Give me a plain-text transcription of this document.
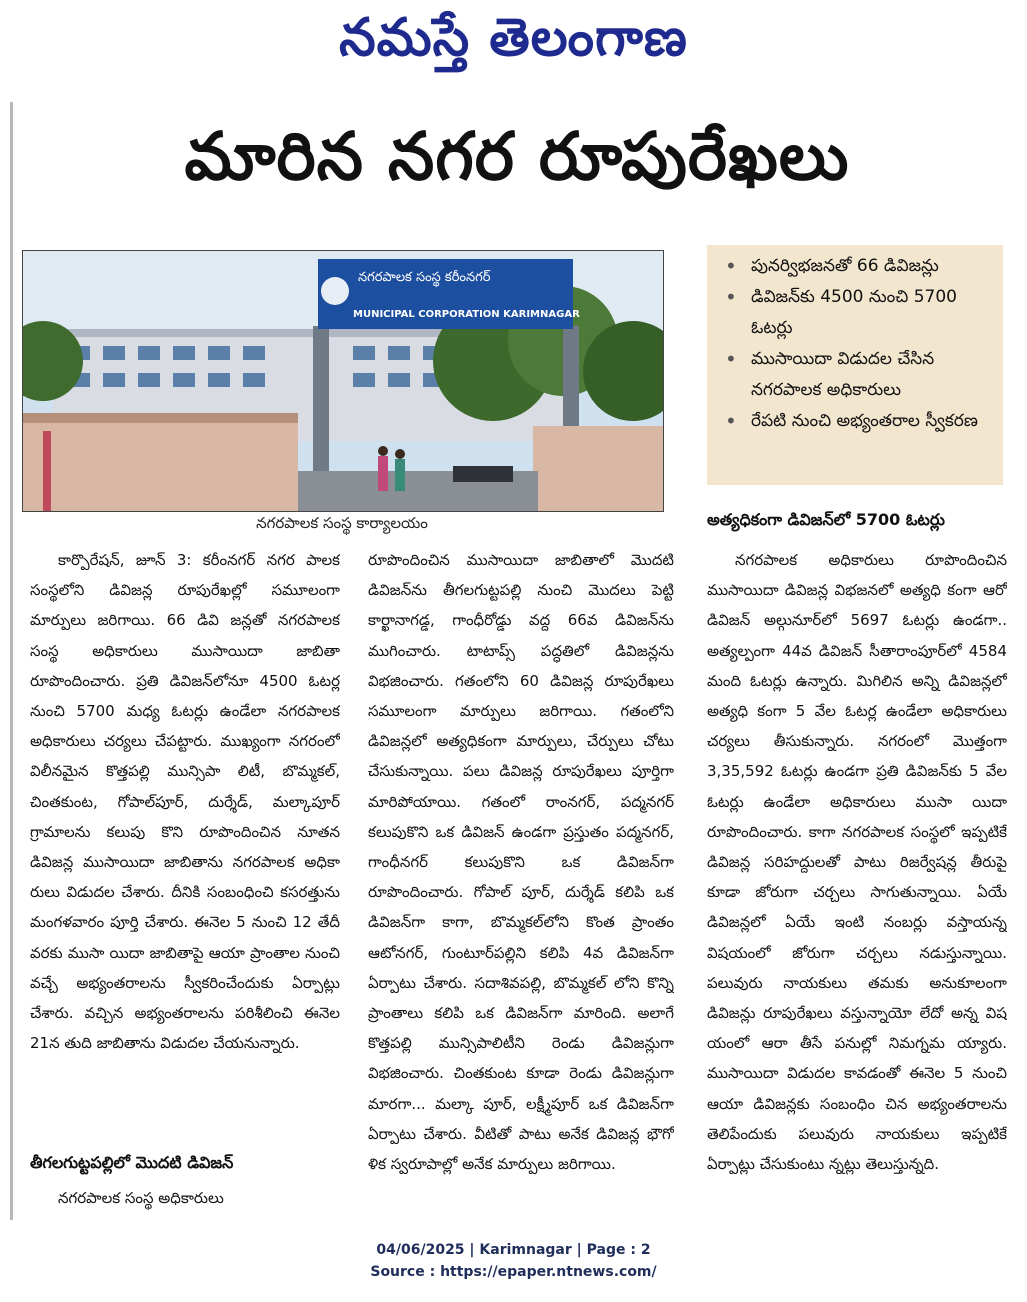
నమస్తే తెలంగాణ
మారిన నగర రూపురేఖలు
నగరపాలక సంస్థ కరీంనగర్
MUNICIPAL CORPORATION KARIMNAGAR
నగరపాలక సంస్థ కార్యాలయం
• పునర్విభజనతో 66 డివిజన్లు
• డివిజన్‌కు 4500 నుంచి 5700 ఓటర్లు
• ముసాయిదా విడుదల చేసిన నగరపాలక అధికారులు
• రేపటి నుంచి అభ్యంతరాల స్వీకరణ
అత్యధికంగా డివిజన్‌లో 5700 ఓటర్లు

కార్పొరేషన్, జూన్ 3: కరీంనగర్ నగర పాలక సంస్థలోని డివిజన్ల రూపురేఖల్లో సమూలంగా మార్పులు జరిగాయి. 66 డివి జన్లతో నగరపాలక సంస్థ అధికారులు ముసాయిదా జాబితా రూపొందించారు. ప్రతి డివిజన్‌లోనూ 4500 ఓటర్ల నుంచి 5700 మధ్య ఓటర్లు ఉండేలా నగరపాలక అధికారులు చర్యలు చేపట్టారు. ముఖ్యంగా నగరంలో విలీనమైన కొత్తపల్లి మున్సిపా లిటీ, బొమ్మకల్, చింతకుంట, గోపాల్‌పూర్, దుర్శేడ్, మల్కాపూర్ గ్రామాలను కలుపు కొని రూపొందించిన నూతన డివిజన్ల ముసాయిదా జాబితాను నగరపాలక అధికా రులు విడుదల చేశారు. దీనికి సంబంధించి కసరత్తును మంగళవారం పూర్తి చేశారు. ఈనెల 5 నుంచి 12 తేదీ వరకు ముసా యిదా జాబితాపై ఆయా ప్రాంతాల నుంచి వచ్చే అభ్యంతరాలను స్వీకరించేందుకు ఏర్పాట్లు చేశారు. వచ్చిన అభ్యంతరాలను పరిశీలించి ఈనెల 21న తుది జాబితాను విడుదల చేయనున్నారు.

తీగలగుట్టపల్లిలో మొదటి డివిజన్

నగరపాలక సంస్థ అధికారులు

రూపొందించిన ముసాయిదా జాబితాలో మొదటి డివిజన్‌ను తీగలగుట్టపల్లి నుంచి మొదలు పెట్టి కార్ఖానాగడ్డ, గాంధీరోడ్డు వద్ద 66వ డివిజన్‌ను ముగించారు. టాటాప్స్ పద్ధతిలో డివిజన్లను విభజించారు. గతంలోని 60 డివిజన్ల రూపురేఖలు సమూలంగా మార్పులు జరిగాయి. గతంలోని డివిజన్లలో అత్యధికంగా మార్పులు, చేర్పులు చోటు చేసుకున్నాయి. పలు డివిజన్ల రూపురేఖలు పూర్తిగా మారిపోయాయి. గతంలో రాంనగర్, పద్మనగర్ కలుపుకొని ఒక డివిజన్ ఉండగా ప్రస్తుతం పద్మనగర్, గాంధీనగర్ కలుపుకొని ఒక డివిజన్‌గా రూపొందించారు. గోపాల్ పూర్, దుర్శేడ్ కలిపి ఒక డివిజన్‌గా కాగా, బొమ్మకల్‌లోని కొంత ప్రాంతం ఆటోనగర్, గుంటూర్‌పల్లిని కలిపి 4వ డివిజన్‌గా ఏర్పాటు చేశారు. సదాశివపల్లి, బొమ్మకల్ లోని కొన్ని ప్రాంతాలు కలిపి ఒక డివిజన్‌గా మారింది. అలాగే కొత్తపల్లి మున్సిపాలిటీని రెండు డివిజన్లుగా విభజించారు. చింతకుంట కూడా రెండు డివిజన్లుగా మారగా... మల్కా పూర్, లక్ష్మీపూర్ ఒక డివిజన్‌గా ఏర్పాటు చేశారు. వీటితో పాటు అనేక డివిజన్ల భౌగో ళిక స్వరూపాల్లో అనేక మార్పులు జరిగాయి.

నగరపాలక అధికారులు రూపొందించిన ముసాయిదా డివిజన్ల విభజనలో అత్యధి కంగా ఆరో డివిజన్ అల్గునూర్‌లో 5697 ఓటర్లు ఉండగా.. అత్యల్పంగా 44వ డివిజన్ సీతారాంపూర్‌లో 4584 మంది ఓటర్లు ఉన్నారు. మిగిలిన అన్ని డివిజన్లలో అత్యధి కంగా 5 వేల ఓటర్ల ఉండేలా అధికారులు చర్యలు తీసుకున్నారు. నగరంలో మొత్తంగా 3,35,592 ఓటర్లు ఉండగా ప్రతి డివిజన్‌కు 5 వేల ఓటర్లు ఉండేలా అధికారులు ముసా యిదా రూపొందించారు. కాగా నగరపాలక సంస్థలో ఇప్పటికే డివిజన్ల సరిహద్దులతో పాటు రిజర్వేషన్ల తీరుపై కూడా జోరుగా చర్చలు సాగుతున్నాయి. ఏయే డివిజన్లలో ఏయే ఇంటి నంబర్లు వస్తాయన్న విషయంలో జోరుగా చర్చలు నడుస్తున్నాయి. పలువురు నాయకులు తమకు అనుకూలంగా డివిజన్లు రూపురేఖలు వస్తున్నాయో లేదో అన్న విష యంలో ఆరా తీసే పనుల్లో నిమగ్నమ య్యారు. ముసాయిదా విడుదల కావడంతో ఈనెల 5 నుంచి ఆయా డివిజన్లకు సంబంధిం చిన అభ్యంతరాలను తెలిపేందుకు పలువురు నాయకులు ఇప్పటికే ఏర్పాట్లు చేసుకుంటు న్నట్లు తెలుస్తున్నది.

04/06/2025 | Karimnagar | Page : 2
Source : https://epaper.ntnews.com/
